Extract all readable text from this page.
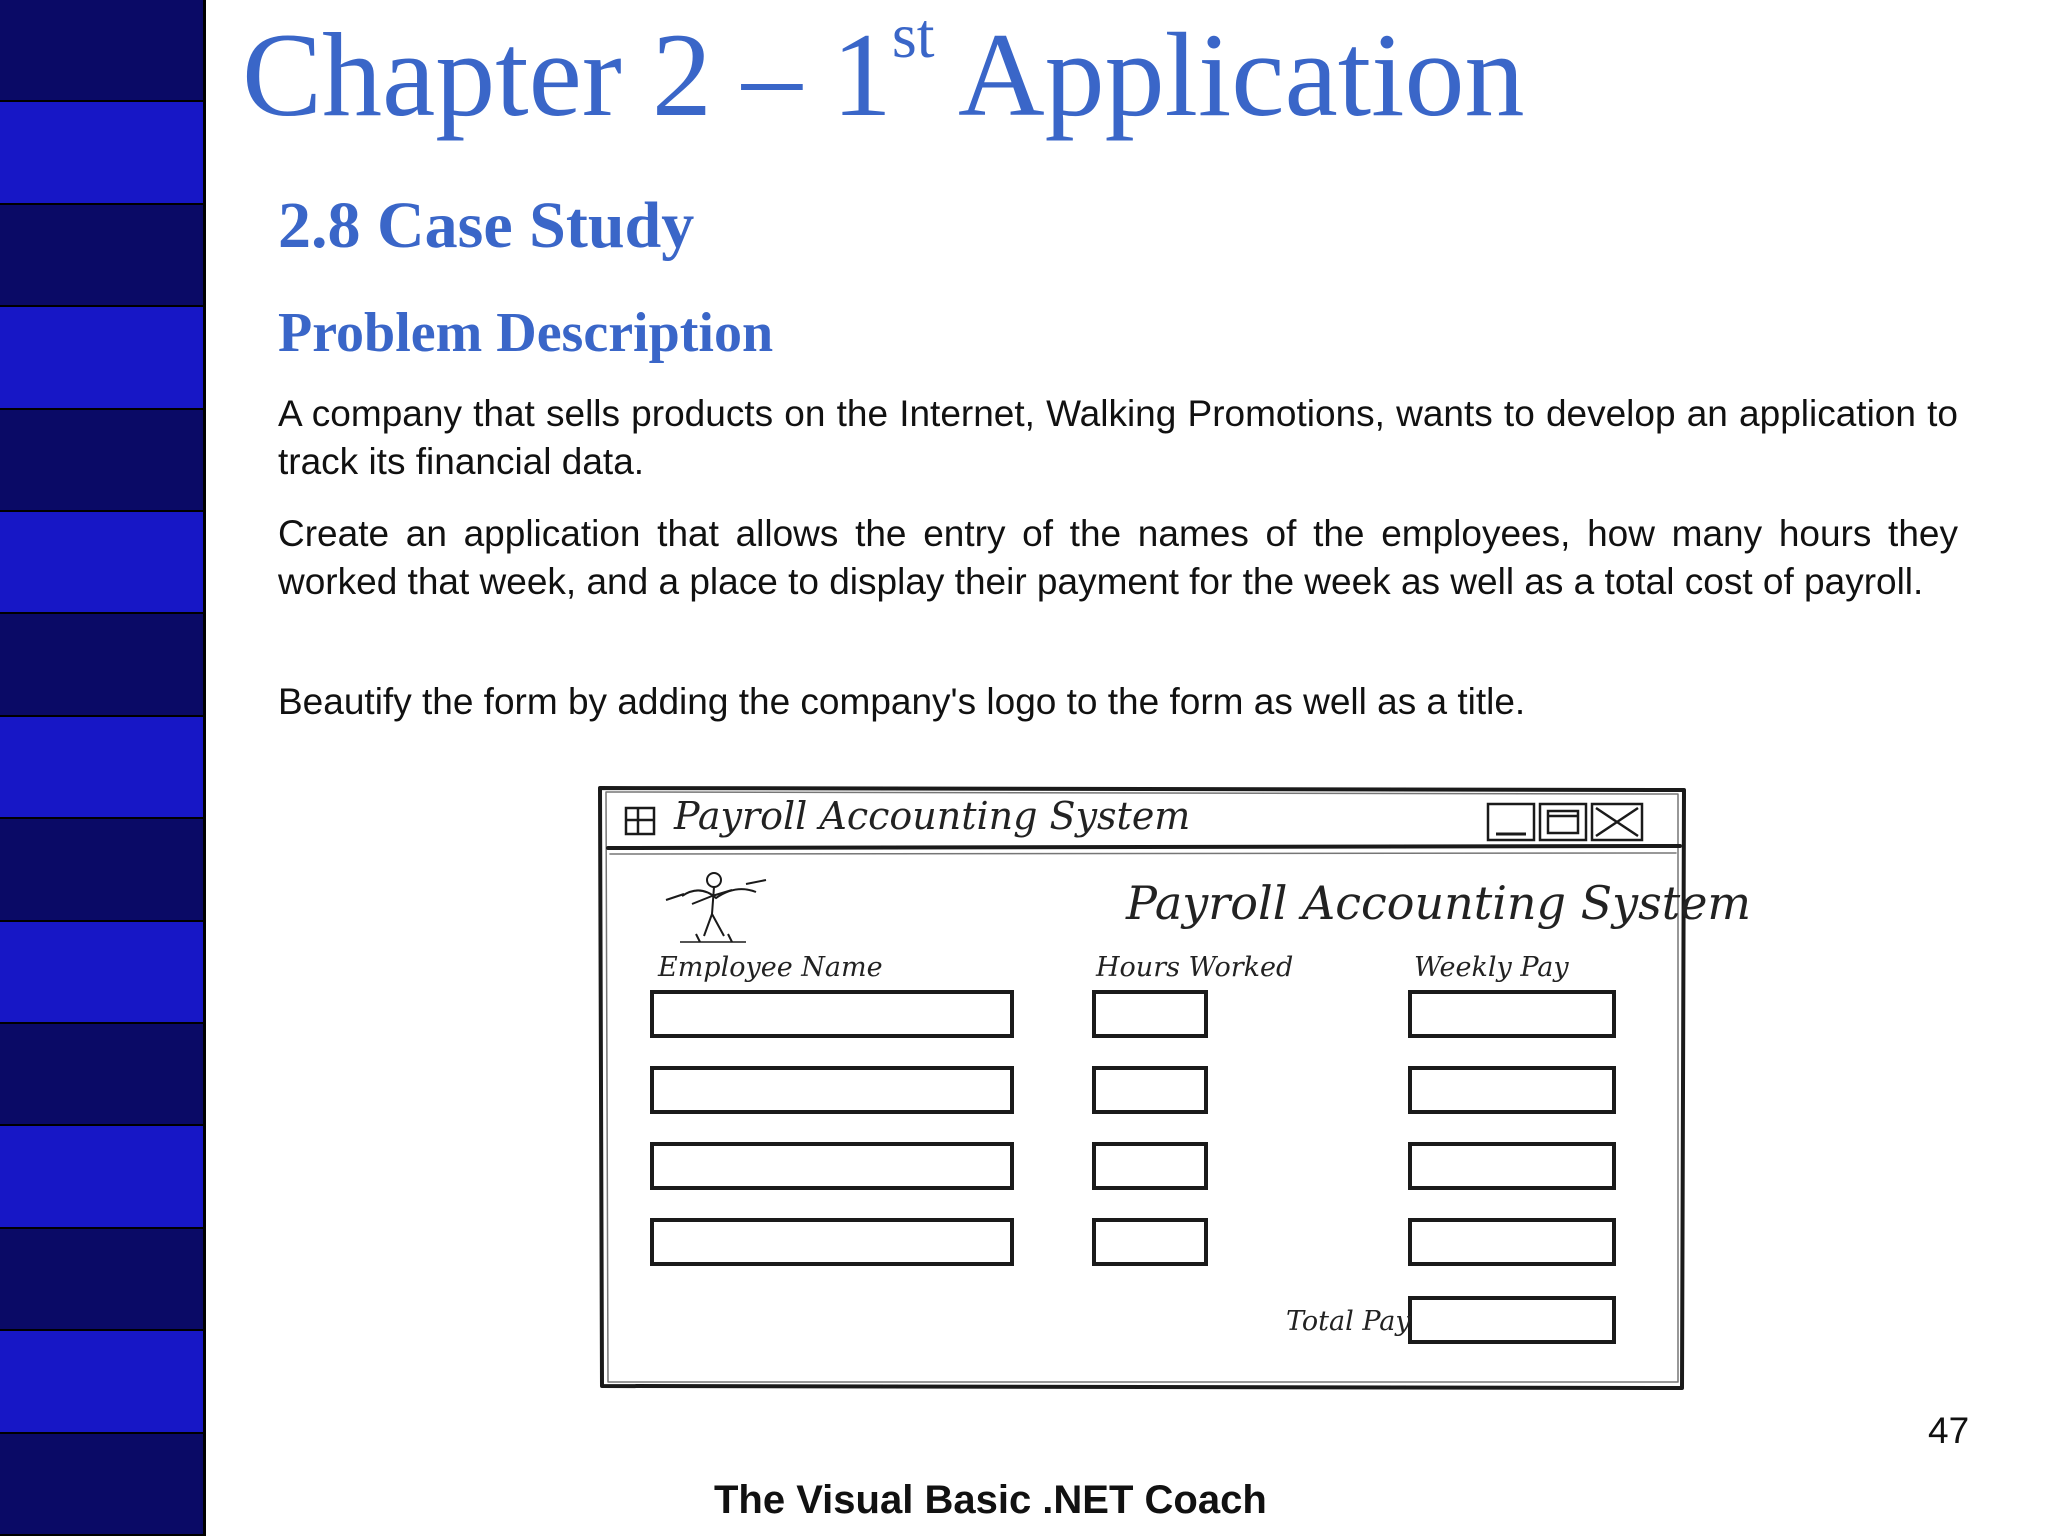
Chapter 2 – 1st Application
2.8 Case Study
Problem Description
A company that sells products on the Internet, Walking Promotions, wants to develop an application to track its financial data.
Create an application that allows the entry of the names of the employees, how many hours they worked that week, and a place to display their payment for the week as well as a total cost of payroll.
Beautify the form by adding the company's logo to the form as well as a title.
Payroll Accounting System
Payroll Accounting System
Employee Name	Hours Worked	Weekly Pay
Total Pay
47
The Visual Basic .NET Coach
